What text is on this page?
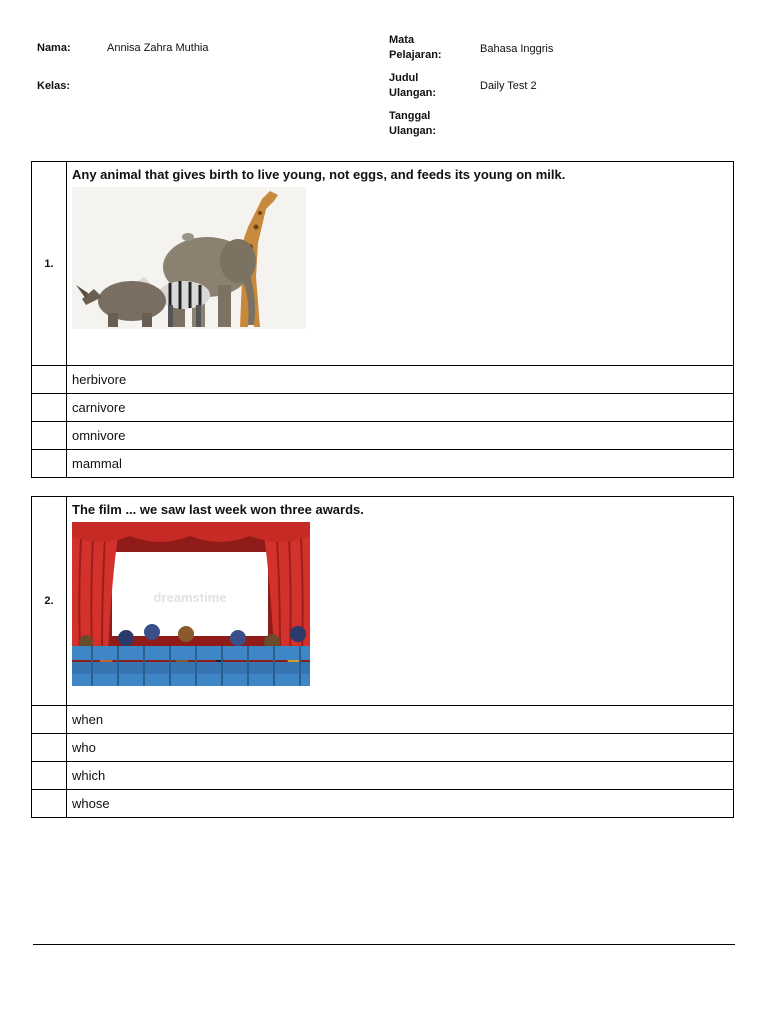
Nama:	Annisa Zahra Muthia
Kelas:
Mata
Pelajaran:	Bahasa Inggris
Judul
Ulangan:
Daily Test 2
Tanggal
Ulangan:
1.
Any animal that gives birth to live young, not eggs, and feeds its young on milk.
herbivore
carnivore
omnivore
mammal
2.
The film ... we saw last week won three awards.
dreamstime
when
who
which
whose
